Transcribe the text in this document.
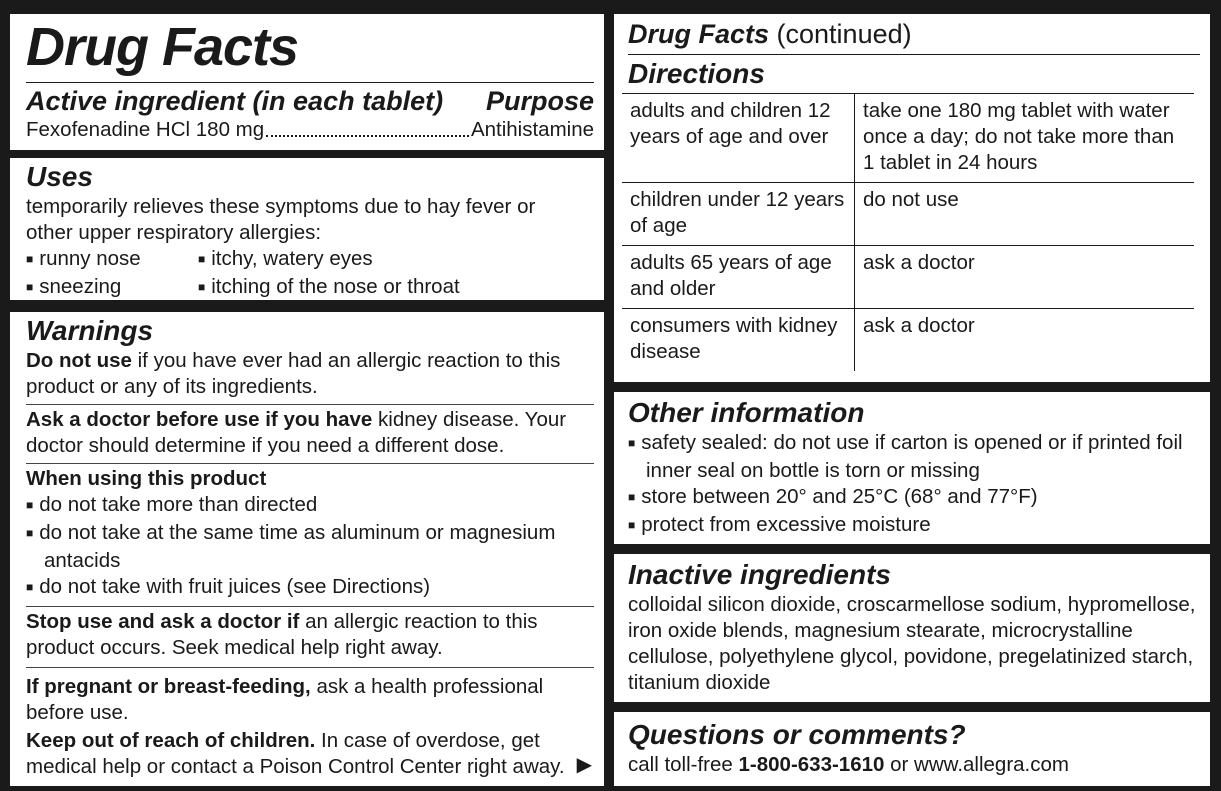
Drug Facts
Active ingredient (in each tablet) Purpose
Fexofenadine HCl 180 mg	Antihistamine
Uses
temporarily relieves these symptoms due to hay fever or other upper respiratory allergies:
■ runny nose	■ itchy, watery eyes
■ sneezing	■ itching of the nose or throat
Warnings
Do not use if you have ever had an allergic reaction to this product or any of its ingredients.
Ask a doctor before use if you have kidney disease. Your doctor should determine if you need a different dose.
When using this product
■ do not take more than directed
■ do not take at the same time as aluminum or magnesium antacids
■ do not take with fruit juices (see Directions)
Stop use and ask a doctor if an allergic reaction to this product occurs. Seek medical help right away.
If pregnant or breast-feeding, ask a health professional before use.
Keep out of reach of children. In case of overdose, get medical help or contact a Poison Control Center right away. ▶
Drug Facts (continued)
Directions
adults and children 12 years of age and over	take one 180 mg tablet with water once a day; do not take more than 1 tablet in 24 hours
children under 12 years of age	do not use
adults 65 years of age and older	ask a doctor
consumers with kidney disease	ask a doctor
Other information
■ safety sealed: do not use if carton is opened or if printed foil inner seal on bottle is torn or missing
■ store between 20° and 25°C (68° and 77°F)
■ protect from excessive moisture
Inactive ingredients
colloidal silicon dioxide, croscarmellose sodium, hypromellose, iron oxide blends, magnesium stearate, microcrystalline cellulose, polyethylene glycol, povidone, pregelatinized starch, titanium dioxide
Questions or comments?
call toll-free 1-800-633-1610 or www.allegra.com
